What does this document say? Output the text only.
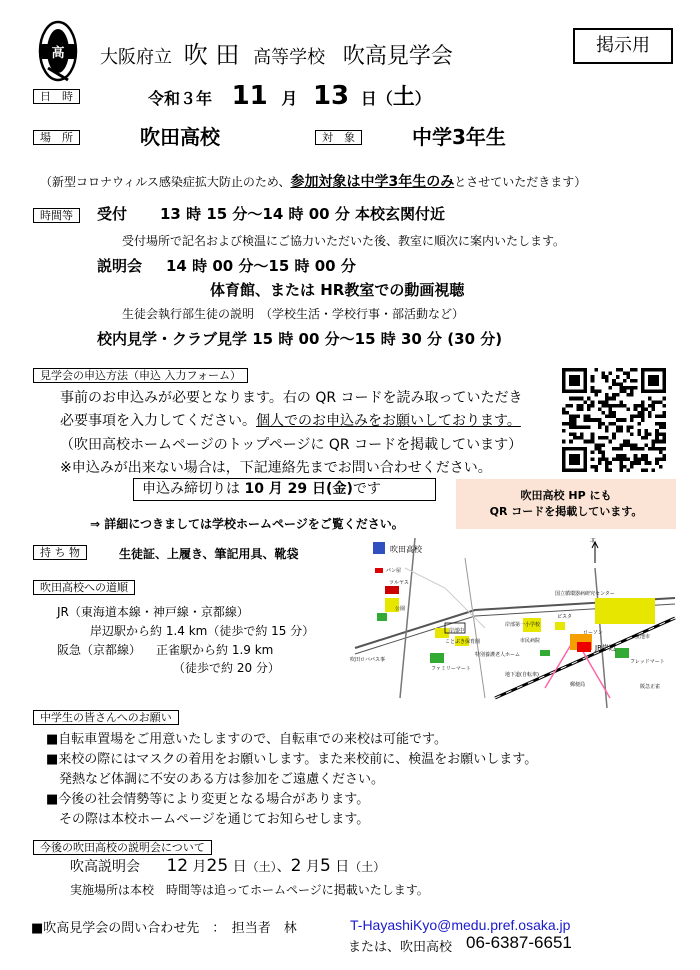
高 大阪府立 吹 田 高等学校 吹高見学会	掲示用
日　時	令和３年 11 月 13 日（土）
場　所	吹田高校	対　象	中学3年生
（新型コロナウィルス感染症拡大防止のため、参加対象は中学3年生のみとさせていただきます）
時間等	受付 13 時 15 分～14 時 00 分 本校玄関付近
受付場所で記名および検温にご協力いただいた後、教室に順次に案内いたします。
説明会 14 時 00 分～15 時 00 分
体育館、または HR教室での動画視聴
生徒会執行部生徒の説明　（学校生活・学校行事・部活動など）
校内見学・クラブ見学 15 時 00 分～15 時 30 分 (30 分)
見学会の申込方法（申込 入力フォーム）
事前のお申込みが必要となります。右の QR コードを読み取っていただき
必要事項を入力してください。個人でのお申込みをお願いしております。
（吹田高校ホームページのトップページに QR コードを掲載しています）
※申込みが出来ない場合は，下記連絡先までお問い合わせください。
申込み締切りは 10 月 29 日(金)です
⇒ 詳細につきましては学校ホームページをご覧ください。
吹田高校 HP にも
QR コードを掲載しています。
持 ち 物	生徒証、上履き、筆記用具、靴袋
吹田高校への道順
JR（東海道本線・神戸線・京都線）
岸辺駅から約 1.4 km（徒歩で約 15 分）
阪急（京都線） 正雀駅から約 1.9 km
（徒歩で約 20 分）
吹田高校
北
パン屋
ツルヤス
公園
国立循環器病研究センター
岸部中
ことぶき保育園
吹田ロバパス事
ファミリーマート
特別養護老人ホーム
岸部第一小学校
ビスタ
市民病院
ローソン
JR岸辺
地下道(自転車)
郵便局
フレッドマート
阪急正雀
蛍池市
中学生の皆さんへのお願い
■自転車置場をご用意いたしますので、自転車での来校は可能です。
■来校の際にはマスクの着用をお願いします。また来校前に、検温をお願いします。
発熱など体調に不安のある方は参加をご遠慮ください。
■今後の社会情勢等により変更となる場合があります。
その際は本校ホームページを通じてお知らせします。
今後の吹田高校の説明会について
吹高説明会 12 月25 日（土）、2 月5 日（土）
実施場所は本校　時間等は追ってホームページに掲載いたします。
■吹高見学会の問い合わせ先　：　担当者　林	T-HayashiKyo@medu.pref.osaka.jp
または、吹田高校 06-6387-6651
